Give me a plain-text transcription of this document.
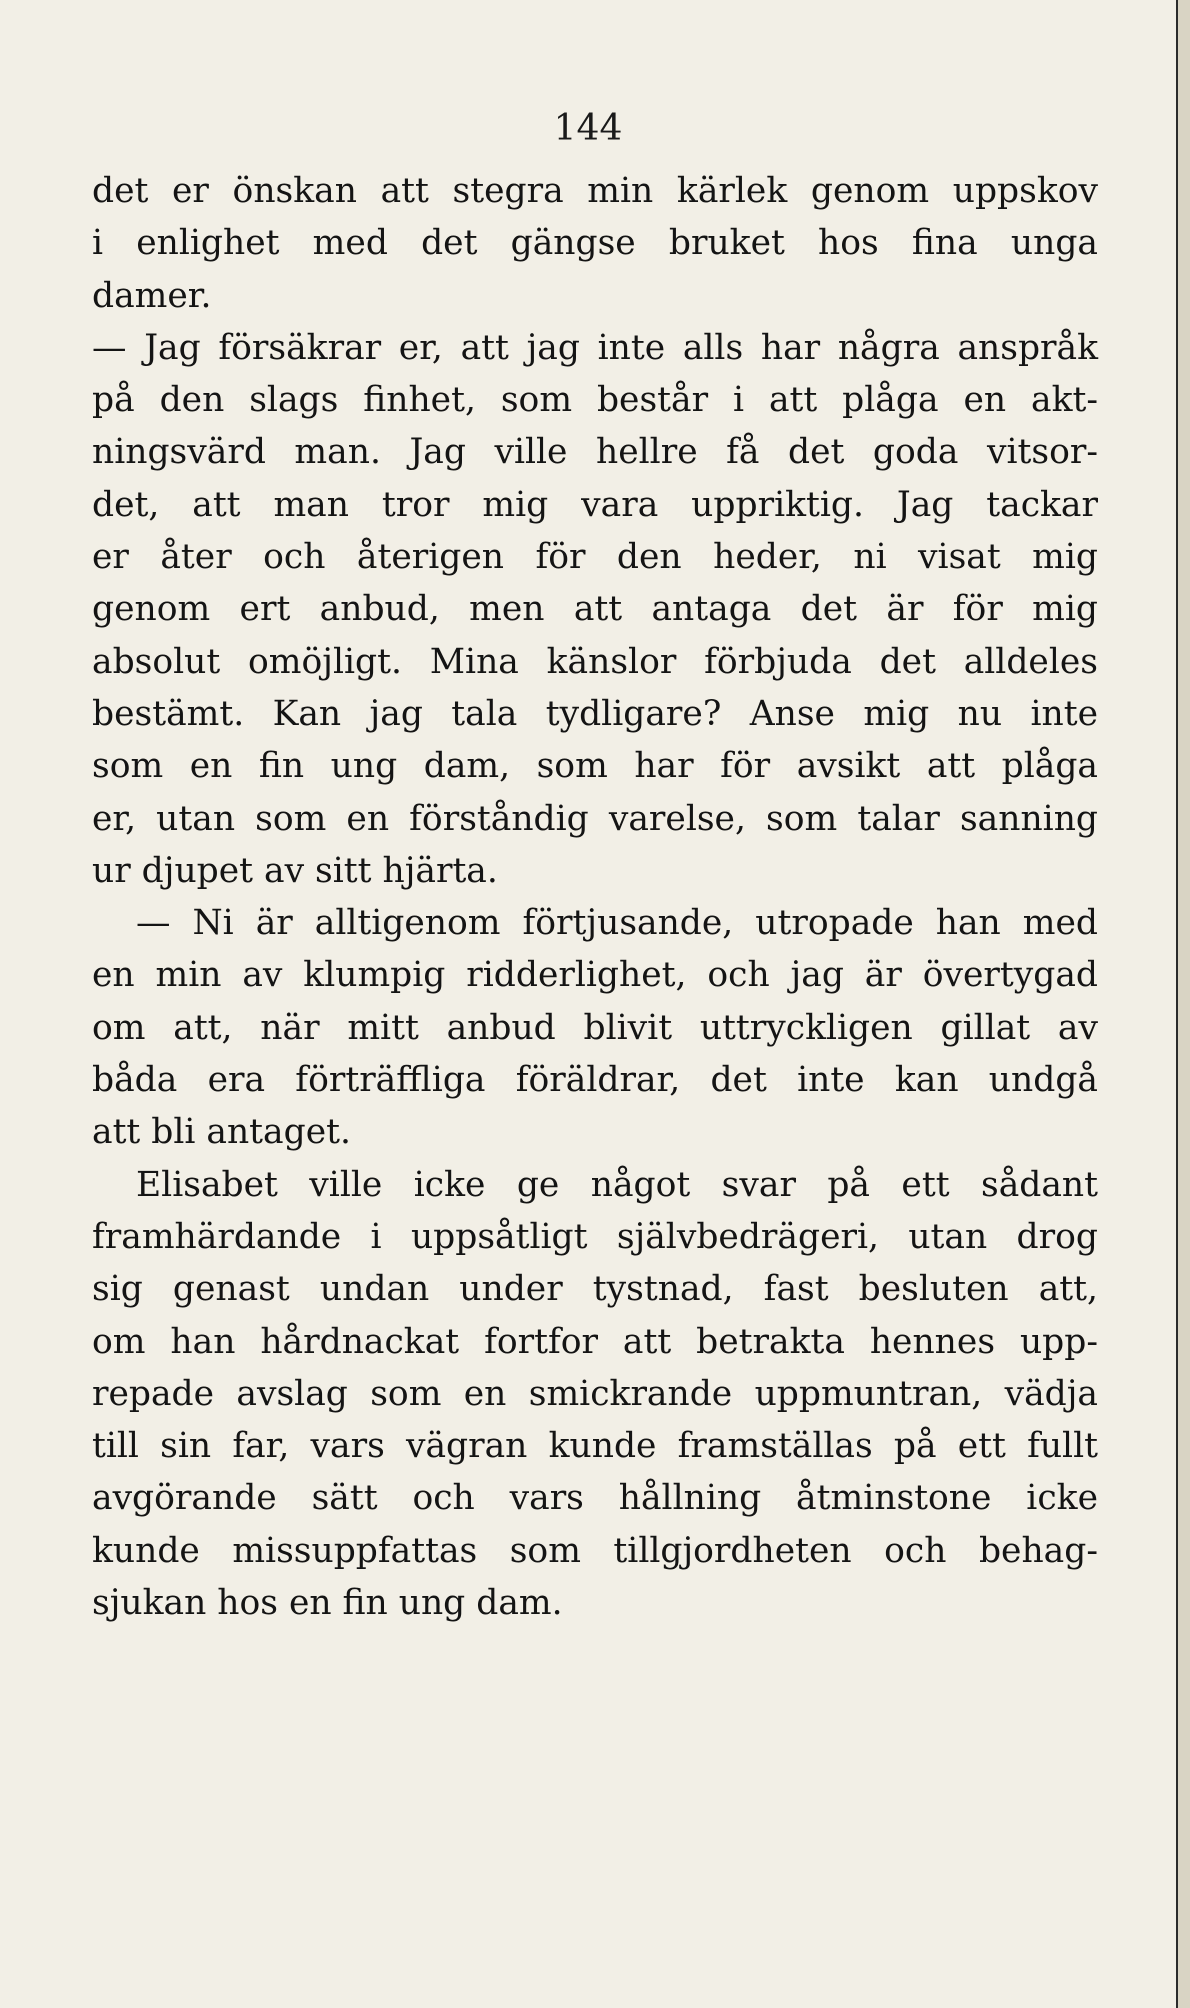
144
det er önskan att stegra min kärlek genom uppskov
i enlighet med det gängse bruket hos fina unga
damer.
— Jag försäkrar er, att jag inte alls har några anspråk
på den slags finhet, som består i att plåga en akt-
ningsvärd man. Jag ville hellre få det goda vitsor-
det, att man tror mig vara uppriktig. Jag tackar
er åter och återigen för den heder, ni visat mig
genom ert anbud, men att antaga det är för mig
absolut omöjligt. Mina känslor förbjuda det alldeles
bestämt. Kan jag tala tydligare? Anse mig nu inte
som en fin ung dam, som har för avsikt att plåga
er, utan som en förståndig varelse, som talar sanning
ur djupet av sitt hjärta.
— Ni är alltigenom förtjusande, utropade han med
en min av klumpig ridderlighet, och jag är övertygad
om att, när mitt anbud blivit uttryckligen gillat av
båda era förträffliga föräldrar, det inte kan undgå
att bli antaget.
Elisabet ville icke ge något svar på ett sådant
framhärdande i uppsåtligt självbedrägeri, utan drog
sig genast undan under tystnad, fast besluten att,
om han hårdnackat fortfor att betrakta hennes upp-
repade avslag som en smickrande uppmuntran, vädja
till sin far, vars vägran kunde framställas på ett fullt
avgörande sätt och vars hållning åtminstone icke
kunde missuppfattas som tillgjordheten och behag-
sjukan hos en fin ung dam.
